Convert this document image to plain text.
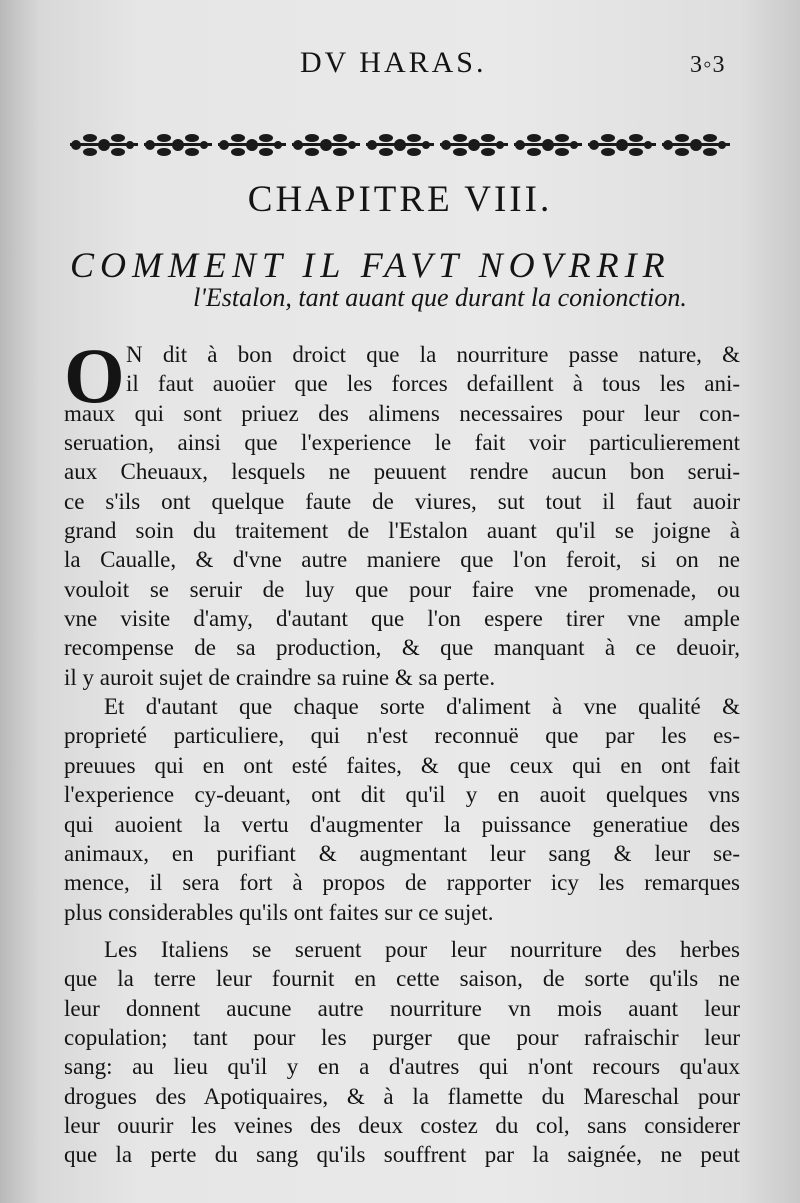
DV HARAS.	3◦3
CHAPITRE VIII.
COMMENT IL FAVT NOVRRIR
l'Estalon, tant auant que durant la conionction.
O N dit à bon droict que la nourriture passe nature, &
il faut auoüer que les forces defaillent à tous les ani-
maux qui sont priuez des alimens necessaires pour leur con-
seruation, ainsi que l'experience le fait voir particulierement
aux Cheuaux, lesquels ne peuuent rendre aucun bon serui-
ce s'ils ont quelque faute de viures, sut tout il faut auoir
grand soin du traitement de l'Estalon auant qu'il se joigne à
la Caualle, & d'vne autre maniere que l'on feroit, si on ne
vouloit se seruir de luy que pour faire vne promenade, ou
vne visite d'amy, d'autant que l'on espere tirer vne ample
recompense de sa production, & que manquant à ce deuoir,
il y auroit sujet de craindre sa ruine & sa perte.
Et d'autant que chaque sorte d'aliment à vne qualité &
proprieté particuliere, qui n'est reconnuë que par les es-
preuues qui en ont esté faites, & que ceux qui en ont fait
l'experience cy-deuant, ont dit qu'il y en auoit quelques vns
qui auoient la vertu d'augmenter la puissance generatiue des
animaux, en purifiant & augmentant leur sang & leur se-
mence, il sera fort à propos de rapporter icy les remarques
plus considerables qu'ils ont faites sur ce sujet.
Les Italiens se seruent pour leur nourriture des herbes
que la terre leur fournit en cette saison, de sorte qu'ils ne
leur donnent aucune autre nourriture vn mois auant leur
copulation; tant pour les purger que pour rafraischir leur
sang: au lieu qu'il y en a d'autres qui n'ont recours qu'aux
drogues des Apotiquaires, & à la flamette du Mareschal pour
leur ouurir les veines des deux costez du col, sans considerer
que la perte du sang qu'ils souffrent par la saignée, ne peut
